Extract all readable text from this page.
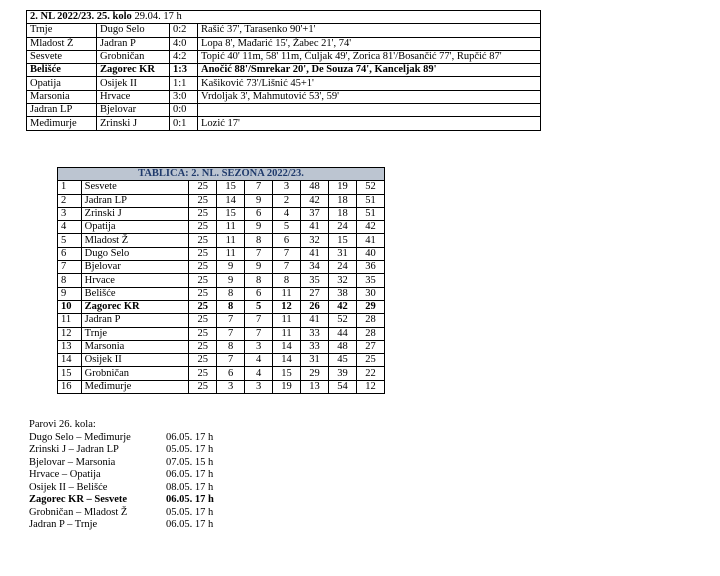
2. NL 2022/23. 25. kolo 29.04. 17 h			
Trnje	Dugo Selo	0:2	Rašić 37', Tarasenko 90'+1'
Mladost Ž	Jadran P	4:0	Lopa 8', Mađarić 15', Žabec 21', 74'
Sesvete	Grobničan	4:2	Topić 40' 11m, 58' 11m, Čuljak 49', Zorica 81'/Bosančić 77', Rupčić 87'
Belišće	Zagorec KR	1:3	Anočić 88'/Smrekar 20', De Souza 74', Kanceljak 89'
Opatija	Osijek II	1:1	Kašiković 73'/Lišnić 45+1'
Marsonia	Hrvace	3:0	Vrdoljak 3', Mahmutović 53', 59'
Jadran LP	Bjelovar	0:0	
Međimurje	Zrinski J	0:1	Lozić 17'
TABLICA: 2. NL. SEZONA 2022/23.								
1	Sesvete	25	15	7	3	48	19	52
2	Jadran LP	25	14	9	2	42	18	51
3	Zrinski J	25	15	6	4	37	18	51
4	Opatija	25	11	9	5	41	24	42
5	Mladost Ž	25	11	8	6	32	15	41
6	Dugo Selo	25	11	7	7	41	31	40
7	Bjelovar	25	9	9	7	34	24	36
8	Hrvace	25	9	8	8	35	32	35
9	Belišće	25	8	6	11	27	38	30
10	Zagorec KR	25	8	5	12	26	42	29
11	Jadran P	25	7	7	11	41	52	28
12	Trnje	25	7	7	11	33	44	28
13	Marsonia	25	8	3	14	33	48	27
14	Osijek II	25	7	4	14	31	45	25
15	Grobničan	25	6	4	15	29	39	22
16	Međimurje	25	3	3	19	13	54	12
Parovi 26. kola:
Dugo Selo – Međimurje	06.05. 17 h
Zrinski J – Jadran LP	05.05. 17 h
Bjelovar – Marsonia	07.05. 15 h
Hrvace – Opatija	06.05. 17 h
Osijek II – Belišće	08.05. 17 h
Zagorec KR – Sesvete	06.05. 17 h
Grobničan – Mladost Ž	05.05. 17 h
Jadran P – Trnje	06.05. 17 h
